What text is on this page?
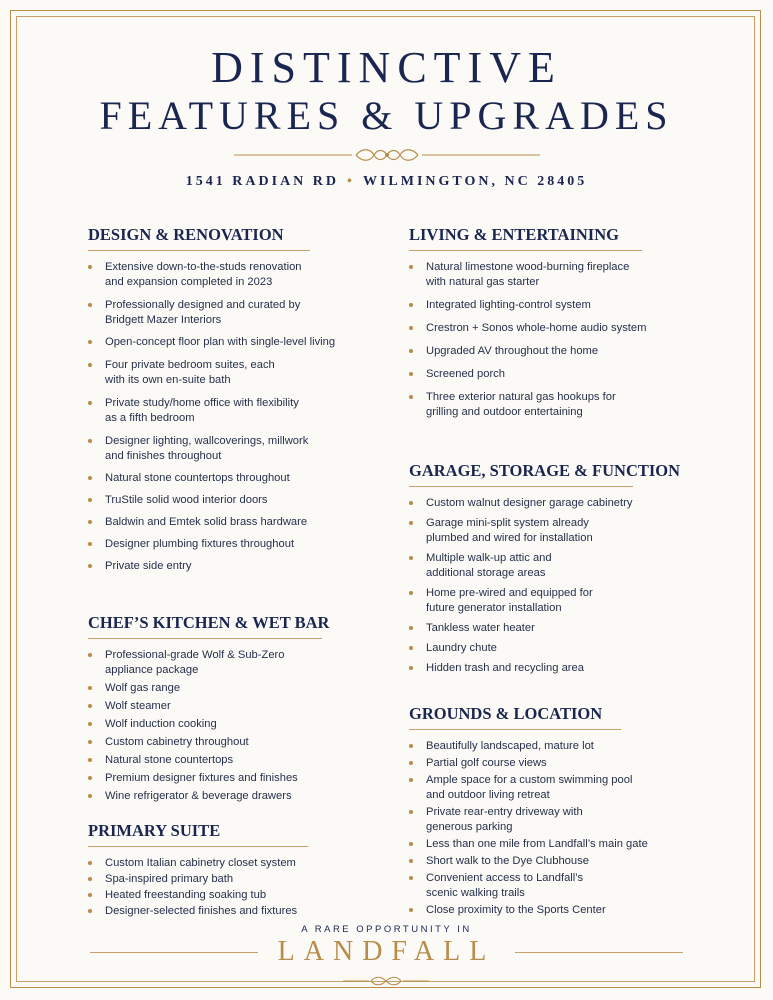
DISTINCTIVE
FEATURES & UPGRADES
1541 RADIAN RD • WILMINGTON, NC 28405
DESIGN & RENOVATION
Extensive down-to-the-studs renovation
and expansion completed in 2023
Professionally designed and curated by
Bridgett Mazer Interiors
Open-concept floor plan with single-level living
Four private bedroom suites, each
with its own en-suite bath
Private study/home office with flexibility
as a fifth bedroom
Designer lighting, wallcoverings, millwork
and finishes throughout
Natural stone countertops throughout
TruStile solid wood interior doors
Baldwin and Emtek solid brass hardware
Designer plumbing fixtures throughout
Private side entry
CHEF’S KITCHEN & WET BAR
Professional-grade Wolf & Sub-Zero
appliance package
Wolf gas range
Wolf steamer
Wolf induction cooking
Custom cabinetry throughout
Natural stone countertops
Premium designer fixtures and finishes
Wine refrigerator & beverage drawers
PRIMARY SUITE
Custom Italian cabinetry closet system
Spa-inspired primary bath
Heated freestanding soaking tub
Designer-selected finishes and fixtures
LIVING & ENTERTAINING
Natural limestone wood-burning fireplace
with natural gas starter
Integrated lighting-control system
Crestron + Sonos whole-home audio system
Upgraded AV throughout the home
Screened porch
Three exterior natural gas hookups for
grilling and outdoor entertaining
GARAGE, STORAGE & FUNCTION
Custom walnut designer garage cabinetry
Garage mini-split system already
plumbed and wired for installation
Multiple walk-up attic and
additional storage areas
Home pre-wired and equipped for
future generator installation
Tankless water heater
Laundry chute
Hidden trash and recycling area
GROUNDS & LOCATION
Beautifully landscaped, mature lot
Partial golf course views
Ample space for a custom swimming pool
and outdoor living retreat
Private rear-entry driveway with
generous parking
Less than one mile from Landfall’s main gate
Short walk to the Dye Clubhouse
Convenient access to Landfall’s
scenic walking trails
Close proximity to the Sports Center
A RARE OPPORTUNITY IN
LANDFALL
